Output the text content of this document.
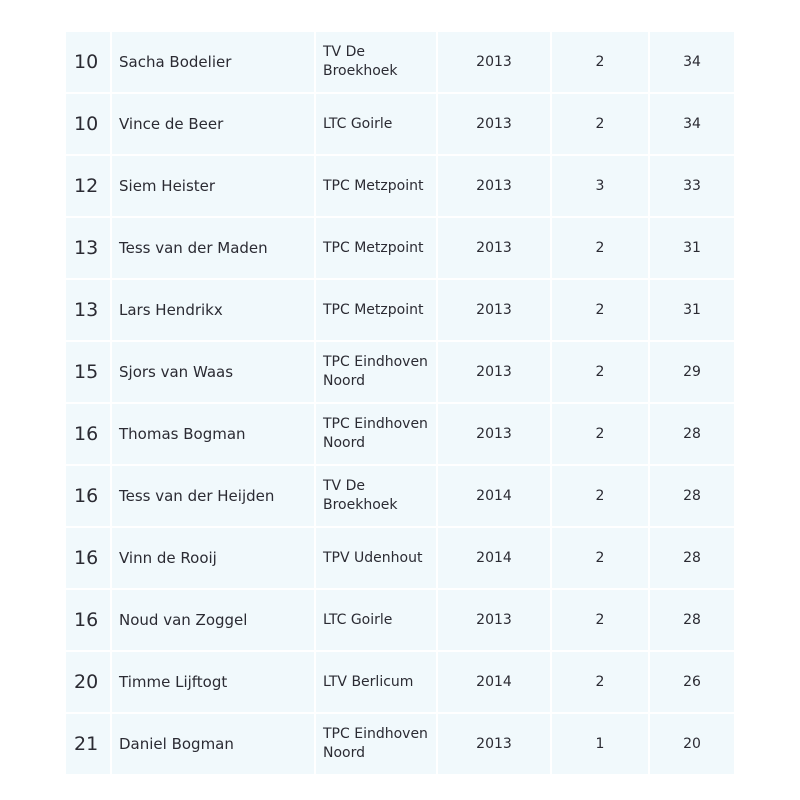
10	Sacha Bodelier	TV De Broekhoek	2013	2	34
10	Vince de Beer	LTC Goirle	2013	2	34
12	Siem Heister	TPC Metzpoint	2013	3	33
13	Tess van der Maden	TPC Metzpoint	2013	2	31
13	Lars Hendrikx	TPC Metzpoint	2013	2	31
15	Sjors van Waas	TPC Eindhoven Noord	2013	2	29
16	Thomas Bogman	TPC Eindhoven Noord	2013	2	28
16	Tess van der Heijden	TV De Broekhoek	2014	2	28
16	Vinn de Rooij	TPV Udenhout	2014	2	28
16	Noud van Zoggel	LTC Goirle	2013	2	28
20	Timme Lijftogt	LTV Berlicum	2014	2	26
21	Daniel Bogman	TPC Eindhoven Noord	2013	1	20
